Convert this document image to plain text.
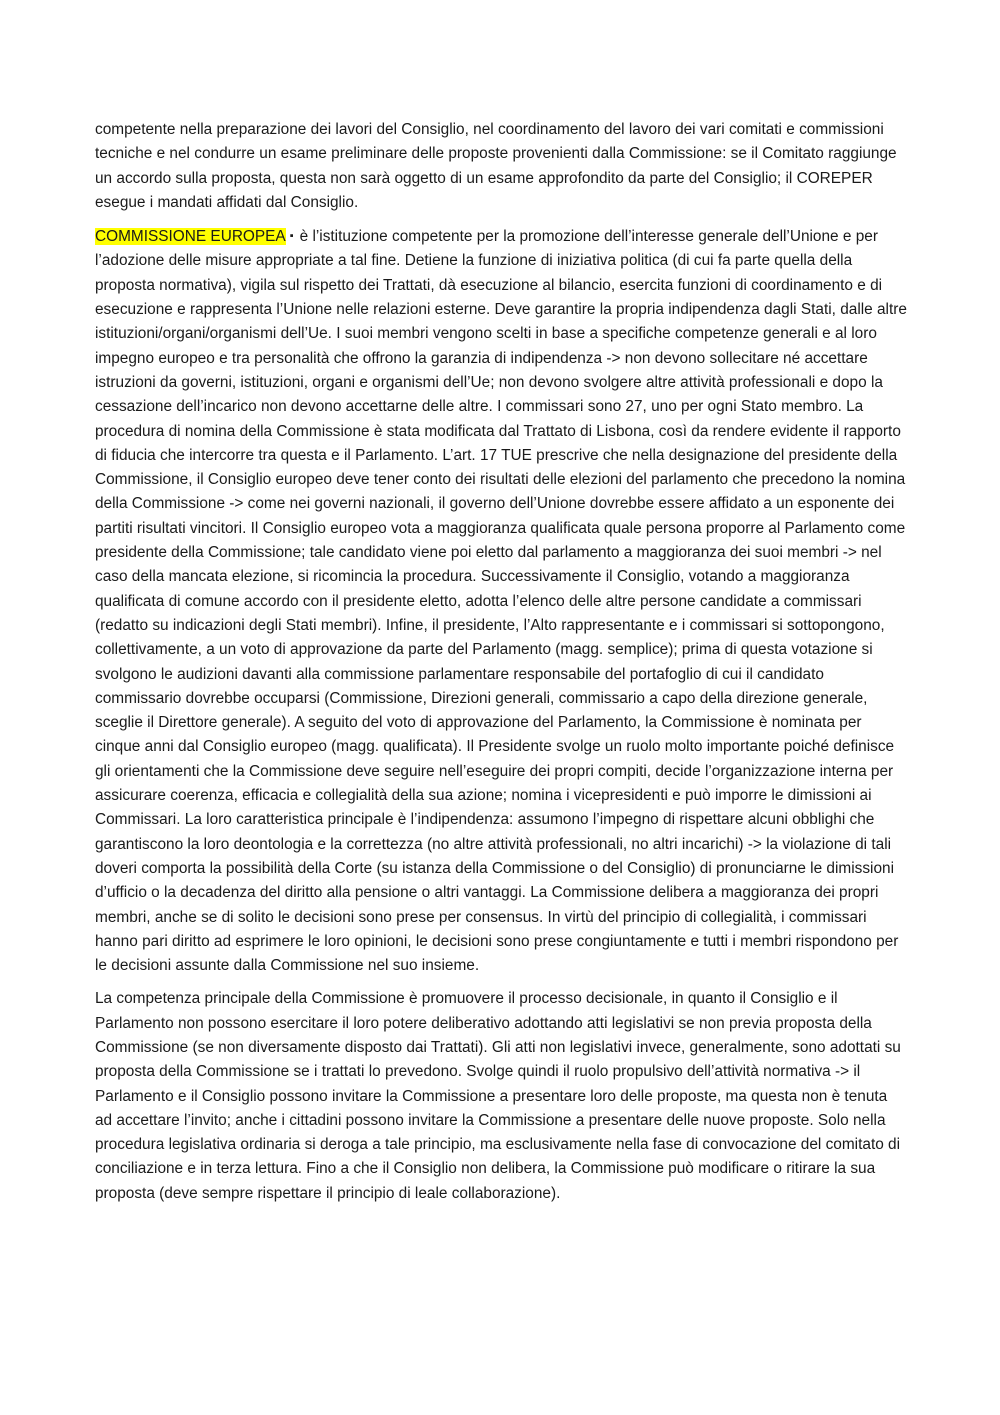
competente nella preparazione dei lavori del Consiglio, nel coordinamento del lavoro dei vari comitati e commissioni tecniche e nel condurre un esame preliminare delle proposte provenienti dalla Commissione: se il Comitato raggiunge un accordo sulla proposta, questa non sarà oggetto di un esame approfondito da parte del Consiglio; il COREPER esegue i mandati affidati dal Consiglio.

COMMISSIONE EUROPEA ▪ è l’istituzione competente per la promozione dell’interesse generale dell’Unione e per l’adozione delle misure appropriate a tal fine. Detiene la funzione di iniziativa politica (di cui fa parte quella della proposta normativa), vigila sul rispetto dei Trattati, dà esecuzione al bilancio, esercita funzioni di coordinamento e di esecuzione e rappresenta l’Unione nelle relazioni esterne. Deve garantire la propria indipendenza dagli Stati, dalle altre istituzioni/organi/organismi dell’Ue. I suoi membri vengono scelti in base a specifiche competenze generali e al loro impegno europeo e tra personalità che offrono la garanzia di indipendenza -> non devono sollecitare né accettare istruzioni da governi, istituzioni, organi e organismi dell’Ue; non devono svolgere altre attività professionali e dopo la cessazione dell’incarico non devono accettarne delle altre. I commissari sono 27, uno per ogni Stato membro. La procedura di nomina della Commissione è stata modificata dal Trattato di Lisbona, così da rendere evidente il rapporto di fiducia che intercorre tra questa e il Parlamento. L’art. 17 TUE prescrive che nella designazione del presidente della Commissione, il Consiglio europeo deve tener conto dei risultati delle elezioni del parlamento che precedono la nomina della Commissione -> come nei governi nazionali, il governo dell’Unione dovrebbe essere affidato a un esponente dei partiti risultati vincitori. Il Consiglio europeo vota a maggioranza qualificata quale persona proporre al Parlamento come presidente della Commissione; tale candidato viene poi eletto dal parlamento a maggioranza dei suoi membri -> nel caso della mancata elezione, si ricomincia la procedura. Successivamente il Consiglio, votando a maggioranza qualificata di comune accordo con il presidente eletto, adotta l’elenco delle altre persone candidate a commissari (redatto su indicazioni degli Stati membri). Infine, il presidente, l’Alto rappresentante e i commissari si sottopongono, collettivamente, a un voto di approvazione da parte del Parlamento (magg. semplice); prima di questa votazione si svolgono le audizioni davanti alla commissione parlamentare responsabile del portafoglio di cui il candidato commissario dovrebbe occuparsi (Commissione, Direzioni generali, commissario a capo della direzione generale, sceglie il Direttore generale). A seguito del voto di approvazione del Parlamento, la Commissione è nominata per cinque anni dal Consiglio europeo (magg. qualificata). Il Presidente svolge un ruolo molto importante poiché definisce gli orientamenti che la Commissione deve seguire nell’eseguire dei propri compiti, decide l’organizzazione interna per assicurare coerenza, efficacia e collegialità della sua azione; nomina i vicepresidenti e può imporre le dimissioni ai Commissari. La loro caratteristica principale è l’indipendenza: assumono l’impegno di rispettare alcuni obblighi che garantiscono la loro deontologia e la correttezza (no altre attività professionali, no altri incarichi) -> la violazione di tali doveri comporta la possibilità della Corte (su istanza della Commissione o del Consiglio) di pronunciarne le dimissioni d’ufficio o la decadenza del diritto alla pensione o altri vantaggi. La Commissione delibera a maggioranza dei propri membri, anche se di solito le decisioni sono prese per consensus. In virtù del principio di collegialità, i commissari hanno pari diritto ad esprimere le loro opinioni, le decisioni sono prese congiuntamente e tutti i membri rispondono per le decisioni assunte dalla Commissione nel suo insieme.

La competenza principale della Commissione è promuovere il processo decisionale, in quanto il Consiglio e il Parlamento non possono esercitare il loro potere deliberativo adottando atti legislativi se non previa proposta della Commissione (se non diversamente disposto dai Trattati). Gli atti non legislativi invece, generalmente, sono adottati su proposta della Commissione se i trattati lo prevedono. Svolge quindi il ruolo propulsivo dell’attività normativa -> il Parlamento e il Consiglio possono invitare la Commissione a presentare loro delle proposte, ma questa non è tenuta ad accettare l’invito; anche i cittadini possono invitare la Commissione a presentare delle nuove proposte. Solo nella procedura legislativa ordinaria si deroga a tale principio, ma esclusivamente nella fase di convocazione del comitato di conciliazione e in terza lettura. Fino a che il Consiglio non delibera, la Commissione può modificare o ritirare la sua proposta (deve sempre rispettare il principio di leale collaborazione).
